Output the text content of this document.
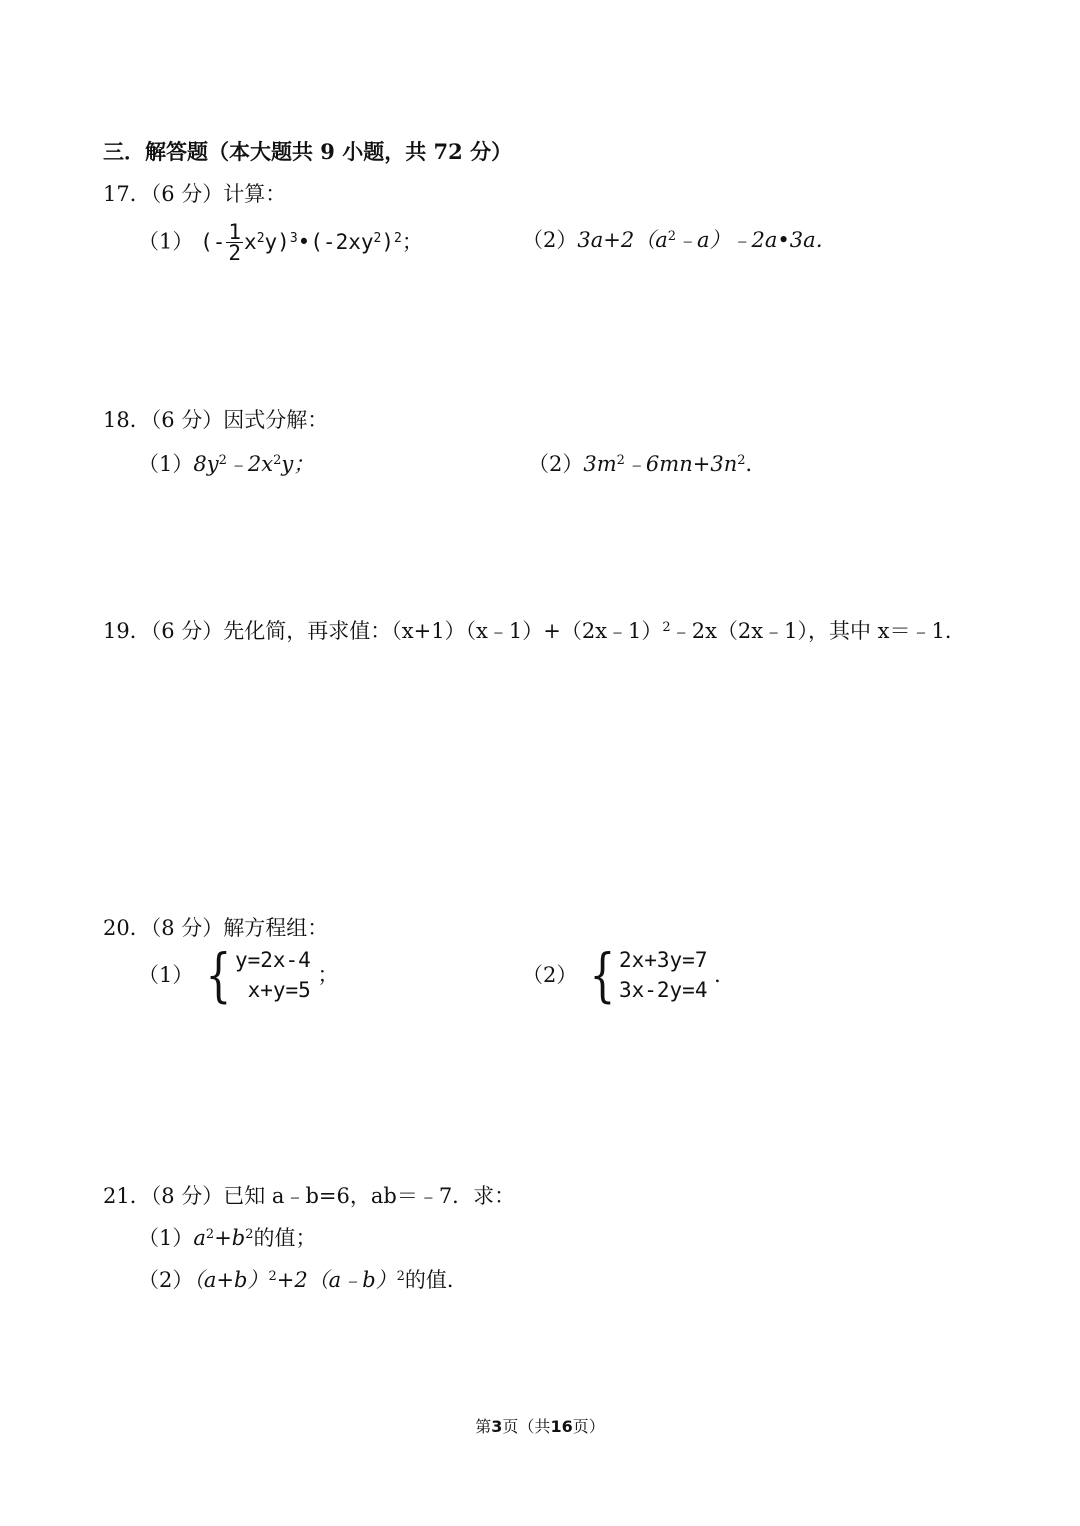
三．解答题（本大题共 9 小题，共 72 分）
17．（6 分）计算：
（1） (- $\frac{1}{2}$ $x^2y)^3•(-2xy^2)^2$；	$(2)3a+2(a^2﹣a)﹣2a•3a$．
18．（6 分）因式分解：
$(1)8y^2﹣2x^2y$；	$(2)3m^2﹣6mn+3n^2$．
19．（6 分）先化简，再求值：（x+1）（x﹣1）+（2x﹣1）$^2$﹣2x（2x﹣1），其中 x＝﹣1．
20．（8 分）解方程组：
（1） { y=2x-4
x+y=5
；	（2） { 2x+3y=7
3x-2y=4
．
21．（8 分）已知 a﹣b=6，ab＝﹣7．求：
$(1)a^2+b^2$的值；
$(2)(a+b)^2+2(a﹣b)^2$的值．
第3页（共16页）
